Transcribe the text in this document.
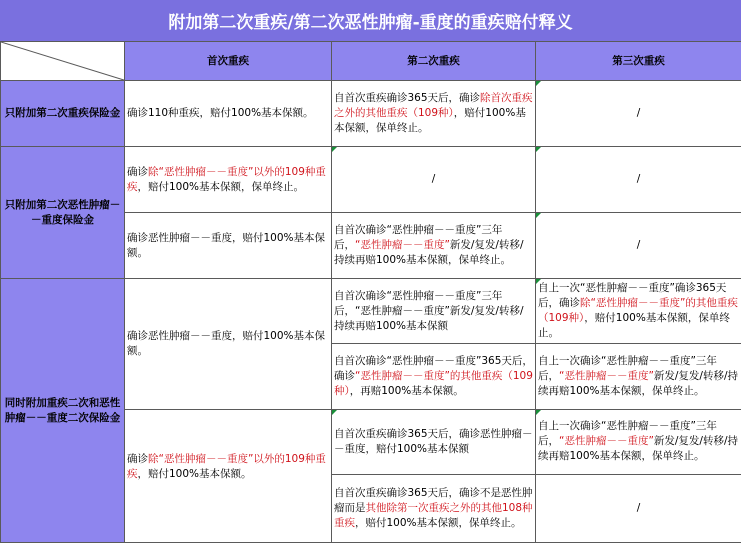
附加第二次重疾/第二次恶性肿瘤-重度的重疾赔付释义
	首次重疾	第二次重疾	第三次重疾
只附加第二次重疾保险金	确诊110种重疾，赔付100%基本保额。	自首次重疾确诊365天后，确诊除首次重疾之外的其他重疾（109种），赔付100%基本保额，保单终止。	/
只附加第二次恶性肿瘤－－重度保险金	确诊除“恶性肿瘤－－重度”以外的109种重疾，赔付100%基本保额，保单终止。	/	/
	确诊恶性肿瘤－－重度，赔付100%基本保额。	自首次确诊“恶性肿瘤－－重度”三年后，“恶性肿瘤－－重度”新发/复发/转移/持续再赔100%基本保额，保单终止。	/
同时附加重疾二次和恶性肿瘤－－重度二次保险金	确诊恶性肿瘤－－重度，赔付100%基本保额。	自首次确诊“恶性肿瘤－－重度”三年后，“恶性肿瘤－－重度”新发/复发/转移/持续再赔100%基本保额	自上一次“恶性肿瘤－－重度”确诊365天后，确诊除“恶性肿瘤－－重度”的其他重疾（109种），赔付100%基本保额，保单终止。
		自首次确诊“恶性肿瘤－－重度”365天后，确诊“恶性肿瘤－－重度”的其他重疾（109种），再赔100%基本保额。	自上一次确诊“恶性肿瘤－－重度”三年后，“恶性肿瘤－－重度”新发/复发/转移/持续再赔100%基本保额，保单终止。
	确诊除“恶性肿瘤－－重度”以外的109种重疾，赔付100%基本保额。	自首次重疾确诊365天后，确诊恶性肿瘤－－重度，赔付100%基本保额	自上一次确诊“恶性肿瘤－－重度”三年后，“恶性肿瘤－－重度”新发/复发/转移/持续再赔100%基本保额，保单终止。
		自首次重疾确诊365天后，确诊不是恶性肿瘤而是其他除第一次重疾之外的其他108种重疾，赔付100%基本保额，保单终止。	/
